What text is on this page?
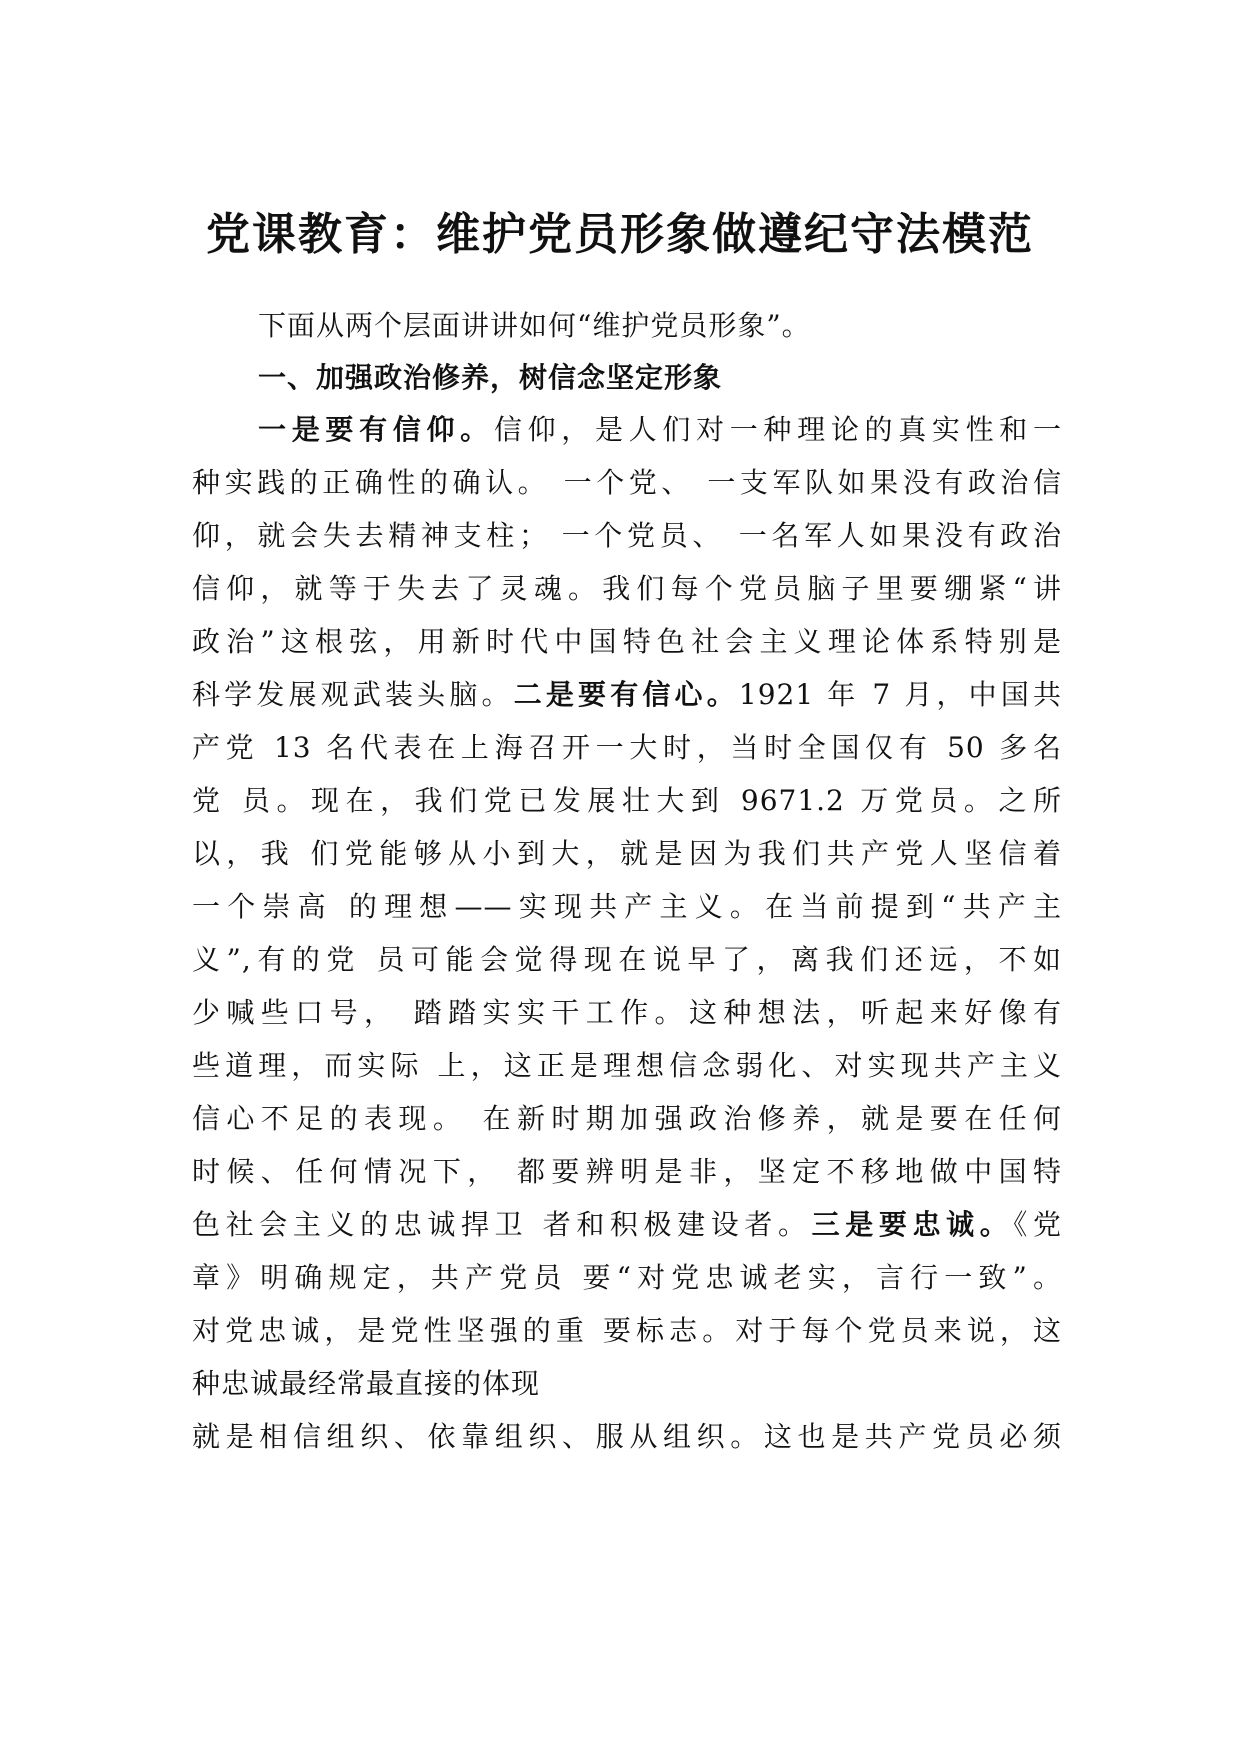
党课教育：维护党员形象做遵纪守法模范
下面从两个层面讲讲如何“维护党员形象”。
一、加强政治修养，树信念坚定形象
一是要有信仰。信仰，是人们对一种理论的真实性和一
种实践的正确性的确认。 一个党、 一支军队如果没有政治信
仰，就会失去精神支柱； 一个党员、 一名军人如果没有政治
信仰，就等于失去了灵魂。我们每个党员脑子里要绷紧“讲
政治”这根弦，用新时代中国特色社会主义理论体系特别是
科学发展观武装头脑。二是要有信心。1921 年 7 月，中国共
产党 13 名代表在上海召开一大时，当时全国仅有 50 多名
党 员。现在，我们党已发展壮大到 9671.2 万党员。之所
以，我 们党能够从小到大，就是因为我们共产党人坚信着
一个崇高 的理想——实现共产主义。在当前提到“共产主
义”,有的党 员可能会觉得现在说早了，离我们还远，不如
少喊些口号， 踏踏实实干工作。这种想法，听起来好像有
些道理，而实际 上，这正是理想信念弱化、对实现共产主义
信心不足的表现。 在新时期加强政治修养，就是要在任何
时候、任何情况下， 都要辨明是非，坚定不移地做中国特
色社会主义的忠诚捍卫 者和积极建设者。三是要忠诚。《党
章》明确规定，共产党员 要“对党忠诚老实，言行一致”。
对党忠诚，是党性坚强的重 要标志。对于每个党员来说，这
种忠诚最经常最直接的体现
就是相信组织、依靠组织、服从组织。这也是共产党员必须
